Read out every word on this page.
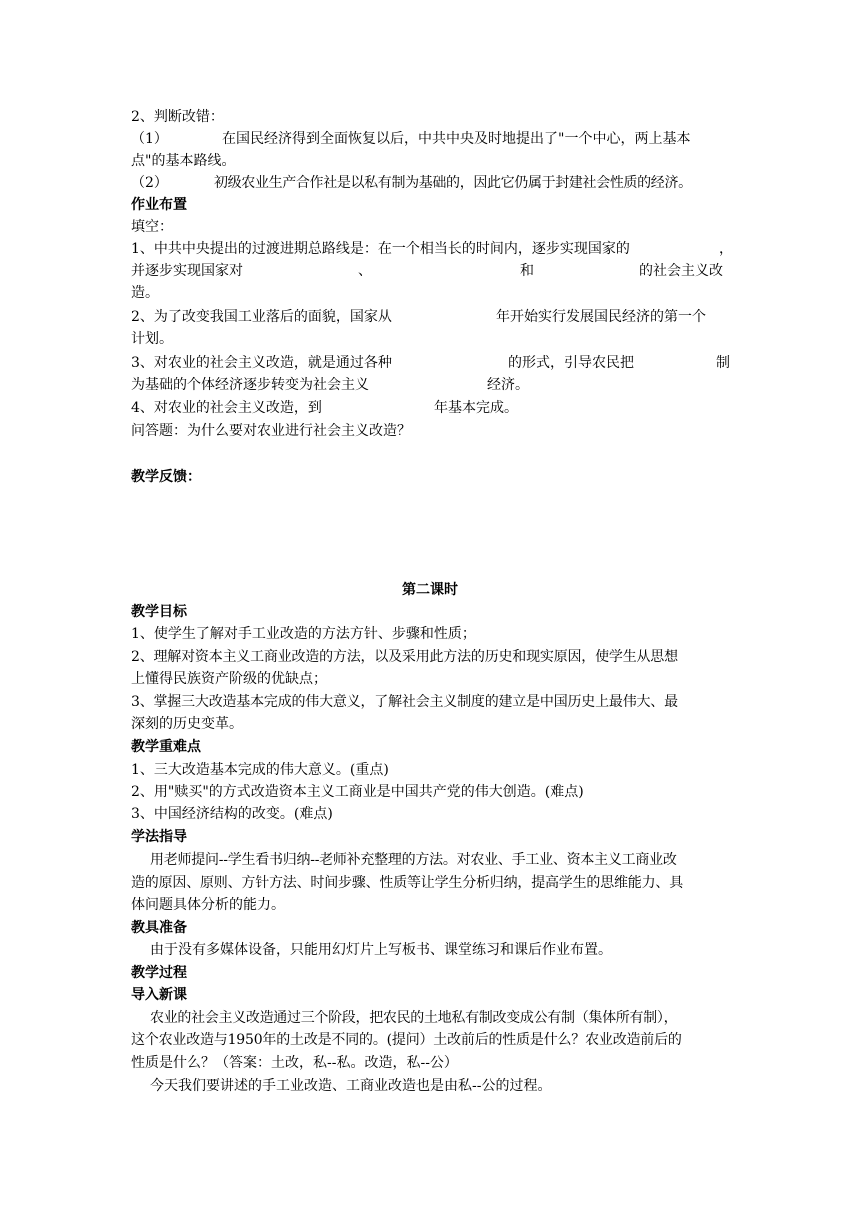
2、判断改错：
（1）	在国民经济得到全面恢复以后，中共中央及时地提出了"一个中心，两上基本
点"的基本路线。
（2）	初级农业生产合作社是以私有制为基础的，因此它仍属于封建社会性质的经济。
作业布置
填空：
1、中共中央提出的过渡进期总路线是：在一个相当长的时间内，逐步实现国家的	，
并逐步实现国家对	、	和	的社会主义改
造。
2、为了改变我国工业落后的面貌，国家从	年开始实行发展国民经济的第一个
计划。
3、对农业的社会主义改造，就是通过各种	的形式，引导农民把	制
为基础的个体经济逐步转变为社会主义	经济。
4、对农业的社会主义改造，到	年基本完成。
问答题：为什么要对农业进行社会主义改造？
教学反馈：
第二课时
教学目标
1、使学生了解对手工业改造的方法方针、步骤和性质；
2、理解对资本主义工商业改造的方法，以及采用此方法的历史和现实原因，使学生从思想
上懂得民族资产阶级的优缺点；
3、掌握三大改造基本完成的伟大意义，了解社会主义制度的建立是中国历史上最伟大、最
深刻的历史变革。
教学重难点
1、三大改造基本完成的伟大意义。(重点)
2、用"赎买"的方式改造资本主义工商业是中国共产党的伟大创造。(难点)
3、中国经济结构的改变。(难点)
学法指导
用老师提问--学生看书归纳--老师补充整理的方法。对农业、手工业、资本主义工商业改
造的原因、原则、方针方法、时间步骤、性质等让学生分析归纳，提高学生的思维能力、具
体问题具体分析的能力。
教具准备
由于没有多媒体设备，只能用幻灯片上写板书、课堂练习和课后作业布置。
教学过程
导入新课
农业的社会主义改造通过三个阶段，把农民的土地私有制改变成公有制（集体所有制），
这个农业改造与1950年的土改是不同的。(提问）土改前后的性质是什么？农业改造前后的
性质是什么？（答案：土改，私--私。改造，私--公）
今天我们要讲述的手工业改造、工商业改造也是由私--公的过程。
